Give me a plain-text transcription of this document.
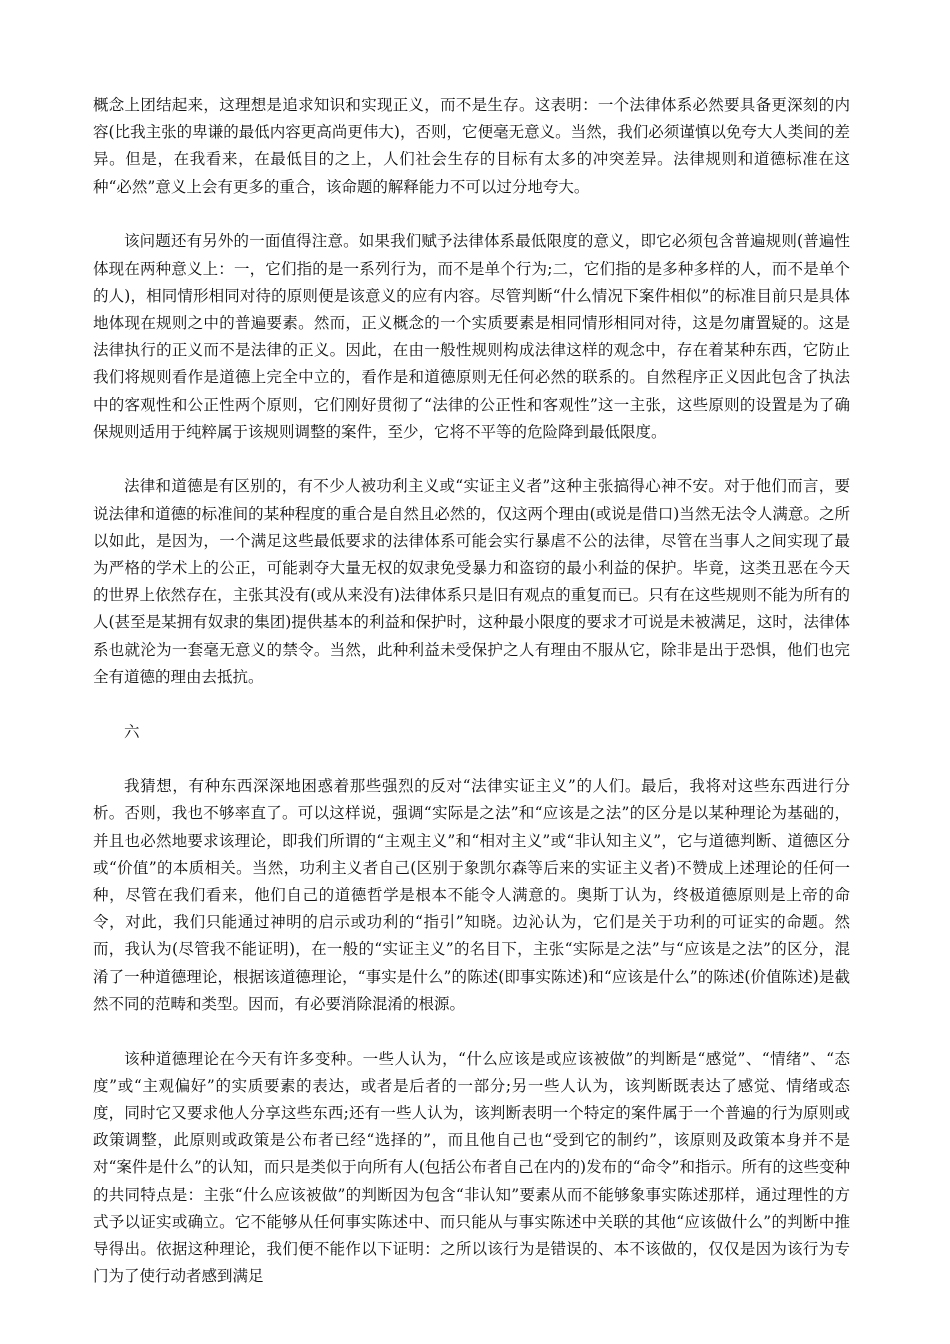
概念上团结起来，这理想是追求知识和实现正义，而不是生存。这表明：一个法律体系必然要具备更深刻的内容(比我主张的卑谦的最低内容更高尚更伟大)，否则，它便毫无意义。当然，我们必须谨慎以免夸大人类间的差异。但是，在我看来，在最低目的之上，人们社会生存的目标有太多的冲突差异。法律规则和道德标准在这种“必然”意义上会有更多的重合，该命题的解释能力不可以过分地夸大。

该问题还有另外的一面值得注意。如果我们赋予法律体系最低限度的意义，即它必须包含普遍规则(普遍性体现在两种意义上：一，它们指的是一系列行为，而不是单个行为;二，它们指的是多种多样的人，而不是单个的人)，相同情形相同对待的原则便是该意义的应有内容。尽管判断“什么情况下案件相似”的标准目前只是具体地体现在规则之中的普遍要素。然而，正义概念的一个实质要素是相同情形相同对待，这是勿庸置疑的。这是法律执行的正义而不是法律的正义。因此，在由一般性规则构成法律这样的观念中，存在着某种东西，它防止我们将规则看作是道德上完全中立的，看作是和道德原则无任何必然的联系的。自然程序正义因此包含了执法中的客观性和公正性两个原则，它们刚好贯彻了“法律的公正性和客观性”这一主张，这些原则的设置是为了确保规则适用于纯粹属于该规则调整的案件，至少，它将不平等的危险降到最低限度。

法律和道德是有区别的，有不少人被功利主义或“实证主义者”这种主张搞得心神不安。对于他们而言，要说法律和道德的标准间的某种程度的重合是自然且必然的，仅这两个理由(或说是借口)当然无法令人满意。之所以如此，是因为，一个满足这些最低要求的法律体系可能会实行暴虐不公的法律，尽管在当事人之间实现了最为严格的学术上的公正，可能剥夺大量无权的奴隶免受暴力和盗窃的最小利益的保护。毕竟，这类丑恶在今天的世界上依然存在，主张其没有(或从来没有)法律体系只是旧有观点的重复而已。只有在这些规则不能为所有的人(甚至是某拥有奴隶的集团)提供基本的利益和保护时，这种最小限度的要求才可说是未被满足，这时，法律体系也就沦为一套毫无意义的禁令。当然，此种利益未受保护之人有理由不服从它，除非是出于恐惧，他们也完全有道德的理由去抵抗。

六

我猜想，有种东西深深地困惑着那些强烈的反对“法律实证主义”的人们。最后，我将对这些东西进行分析。否则，我也不够率直了。可以这样说，强调“实际是之法”和“应该是之法”的区分是以某种理论为基础的，并且也必然地要求该理论，即我们所谓的“主观主义”和“相对主义”或“非认知主义”，它与道德判断、道德区分或“价值”的本质相关。当然，功利主义者自己(区别于象凯尔森等后来的实证主义者)不赞成上述理论的任何一种，尽管在我们看来，他们自己的道德哲学是根本不能令人满意的。奥斯丁认为，终极道德原则是上帝的命令，对此，我们只能通过神明的启示或功利的“指引”知晓。边沁认为，它们是关于功利的可证实的命题。然而，我认为(尽管我不能证明)，在一般的“实证主义”的名目下，主张“实际是之法”与“应该是之法”的区分，混淆了一种道德理论，根据该道德理论，“事实是什么”的陈述(即事实陈述)和“应该是什么”的陈述(价值陈述)是截然不同的范畴和类型。因而，有必要消除混淆的根源。

该种道德理论在今天有许多变种。一些人认为，“什么应该是或应该被做”的判断是“感觉”、“情绪”、“态度”或“主观偏好”的实质要素的表达，或者是后者的一部分;另一些人认为，该判断既表达了感觉、情绪或态度，同时它又要求他人分享这些东西;还有一些人认为，该判断表明一个特定的案件属于一个普遍的行为原则或政策调整，此原则或政策是公布者已经“选择的”，而且他自己也“受到它的制约”，该原则及政策本身并不是对“案件是什么”的认知，而只是类似于向所有人(包括公布者自己在内的)发布的“命令”和指示。所有的这些变种的共同特点是：主张“什么应该被做”的判断因为包含“非认知”要素从而不能够象事实陈述那样，通过理性的方式予以证实或确立。它不能够从任何事实陈述中、而只能从与事实陈述中关联的其他“应该做什么”的判断中推导得出。依据这种理论，我们便不能作以下证明：之所以该行为是错误的、本不该做的，仅仅是因为该行为专门为了使行动者感到满足
